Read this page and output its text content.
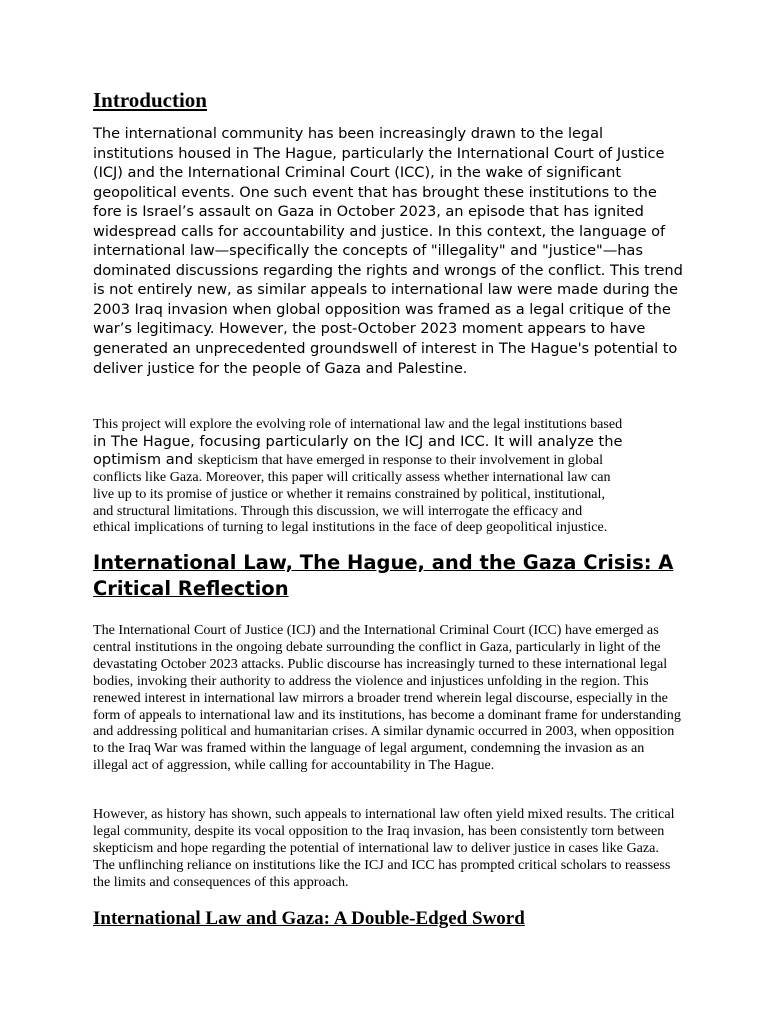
Introduction

The international community has been increasingly drawn to the legal institutions housed in The Hague, particularly the International Court of Justice (ICJ) and the International Criminal Court (ICC), in the wake of significant geopolitical events. One such event that has brought these institutions to the fore is Israel’s assault on Gaza in October 2023, an episode that has ignited widespread calls for accountability and justice. In this context, the language of international law—specifically the concepts of "illegality" and "justice"—has dominated discussions regarding the rights and wrongs of the conflict. This trend is not entirely new, as similar appeals to international law were made during the 2003 Iraq invasion when global opposition was framed as a legal critique of the war’s legitimacy. However, the post-October 2023 moment appears to have generated an unprecedented groundswell of interest in The Hague's potential to deliver justice for the people of Gaza and Palestine.

This project will explore the evolving role of international law and the legal institutions based
in The Hague, focusing particularly on the ICJ and ICC. It will analyze the
optimism and skepticism that have emerged in response to their involvement in global
conflicts like Gaza. Moreover, this paper will critically assess whether international law can
live up to its promise of justice or whether it remains constrained by political, institutional,
and structural limitations. Through this discussion, we will interrogate the efficacy and
ethical implications of turning to legal institutions in the face of deep geopolitical injustice.
International Law, The Hague, and the Gaza Crisis: A Critical Reflection

The International Court of Justice (ICJ) and the International Criminal Court (ICC) have emerged as central institutions in the ongoing debate surrounding the conflict in Gaza, particularly in light of the devastating October 2023 attacks. Public discourse has increasingly turned to these international legal bodies, invoking their authority to address the violence and injustices unfolding in the region. This renewed interest in international law mirrors a broader trend wherein legal discourse, especially in the form of appeals to international law and its institutions, has become a dominant frame for understanding and addressing political and humanitarian crises. A similar dynamic occurred in 2003, when opposition to the Iraq War was framed within the language of legal argument, condemning the invasion as an illegal act of aggression, while calling for accountability in The Hague.

However, as history has shown, such appeals to international law often yield mixed results. The critical legal community, despite its vocal opposition to the Iraq invasion, has been consistently torn between skepticism and hope regarding the potential of international law to deliver justice in cases like Gaza. The unflinching reliance on institutions like the ICJ and ICC has prompted critical scholars to reassess the limits and consequences of this approach.

International Law and Gaza: A Double-Edged Sword
